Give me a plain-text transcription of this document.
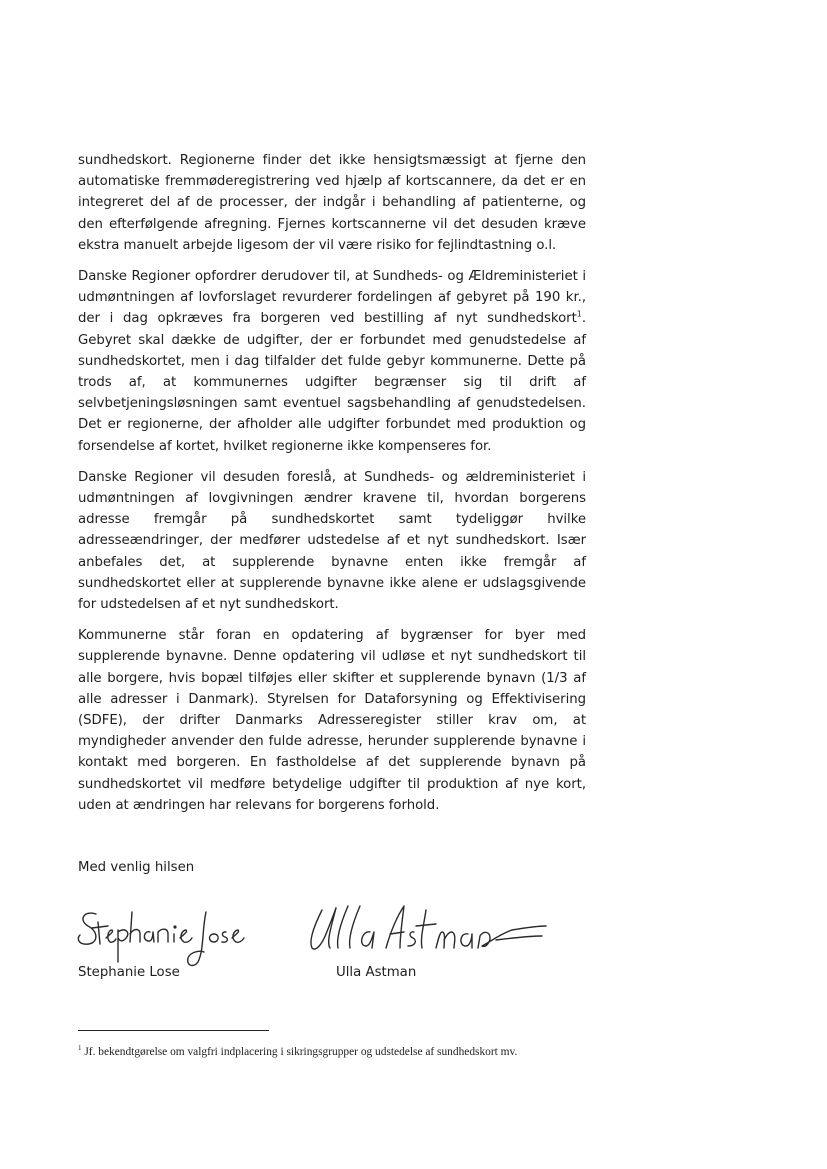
sundhedskort. Regionerne finder det ikke hensigtsmæssigt at fjerne den automatiske fremmøderegistrering ved hjælp af kortscannere, da det er en integreret del af de processer, der indgår i behandling af patienterne, og den efterfølgende afregning. Fjernes kortscannerne vil det desuden kræve ekstra manuelt arbejde ligesom der vil være risiko for fejlindtastning o.l.

Danske Regioner opfordrer derudover til, at Sundheds- og Ældreministeriet i udmøntningen af lovforslaget revurderer fordelingen af gebyret på 190 kr., der i dag opkræves fra borgeren ved bestilling af nyt sundhedskort$^1$. Gebyret skal dække de udgifter, der er forbundet med genudstedelse af sundhedskortet, men i dag tilfalder det fulde gebyr kommunerne. Dette på trods af, at kommunernes udgifter begrænser sig til drift af selvbetjeningsløsningen samt eventuel sagsbehandling af genudstedelsen. Det er regionerne, der afholder alle udgifter forbundet med produktion og forsendelse af kortet, hvilket regionerne ikke kompenseres for.

Danske Regioner vil desuden foreslå, at Sundheds- og ældreministeriet i udmøntningen af lovgivningen ændrer kravene til, hvordan borgerens adresse fremgår på sundhedskortet samt tydeliggør hvilke adresseændringer, der medfører udstedelse af et nyt sundhedskort. Især anbefales det, at supplerende bynavne enten ikke fremgår af sundhedskortet eller at supplerende bynavne ikke alene er udslagsgivende for udstedelsen af et nyt sundhedskort.

Kommunerne står foran en opdatering af bygrænser for byer med supplerende bynavne. Denne opdatering vil udløse et nyt sundhedskort til alle borgere, hvis bopæl tilføjes eller skifter et supplerende bynavn (1/3 af alle adresser i Danmark). Styrelsen for Dataforsyning og Effektivisering (SDFE), der drifter Danmarks Adresseregister stiller krav om, at myndigheder anvender den fulde adresse, herunder supplerende bynavne i kontakt med borgeren. En fastholdelse af det supplerende bynavn på sundhedskortet vil medføre betydelige udgifter til produktion af nye kort, uden at ændringen har relevans for borgerens forhold.

Med venlig hilsen

Stephanie Lose	Ulla Astman

$^1$ Jf. bekendtgørelse om valgfri indplacering i sikringsgrupper og udstedelse af sundhedskort mv.
